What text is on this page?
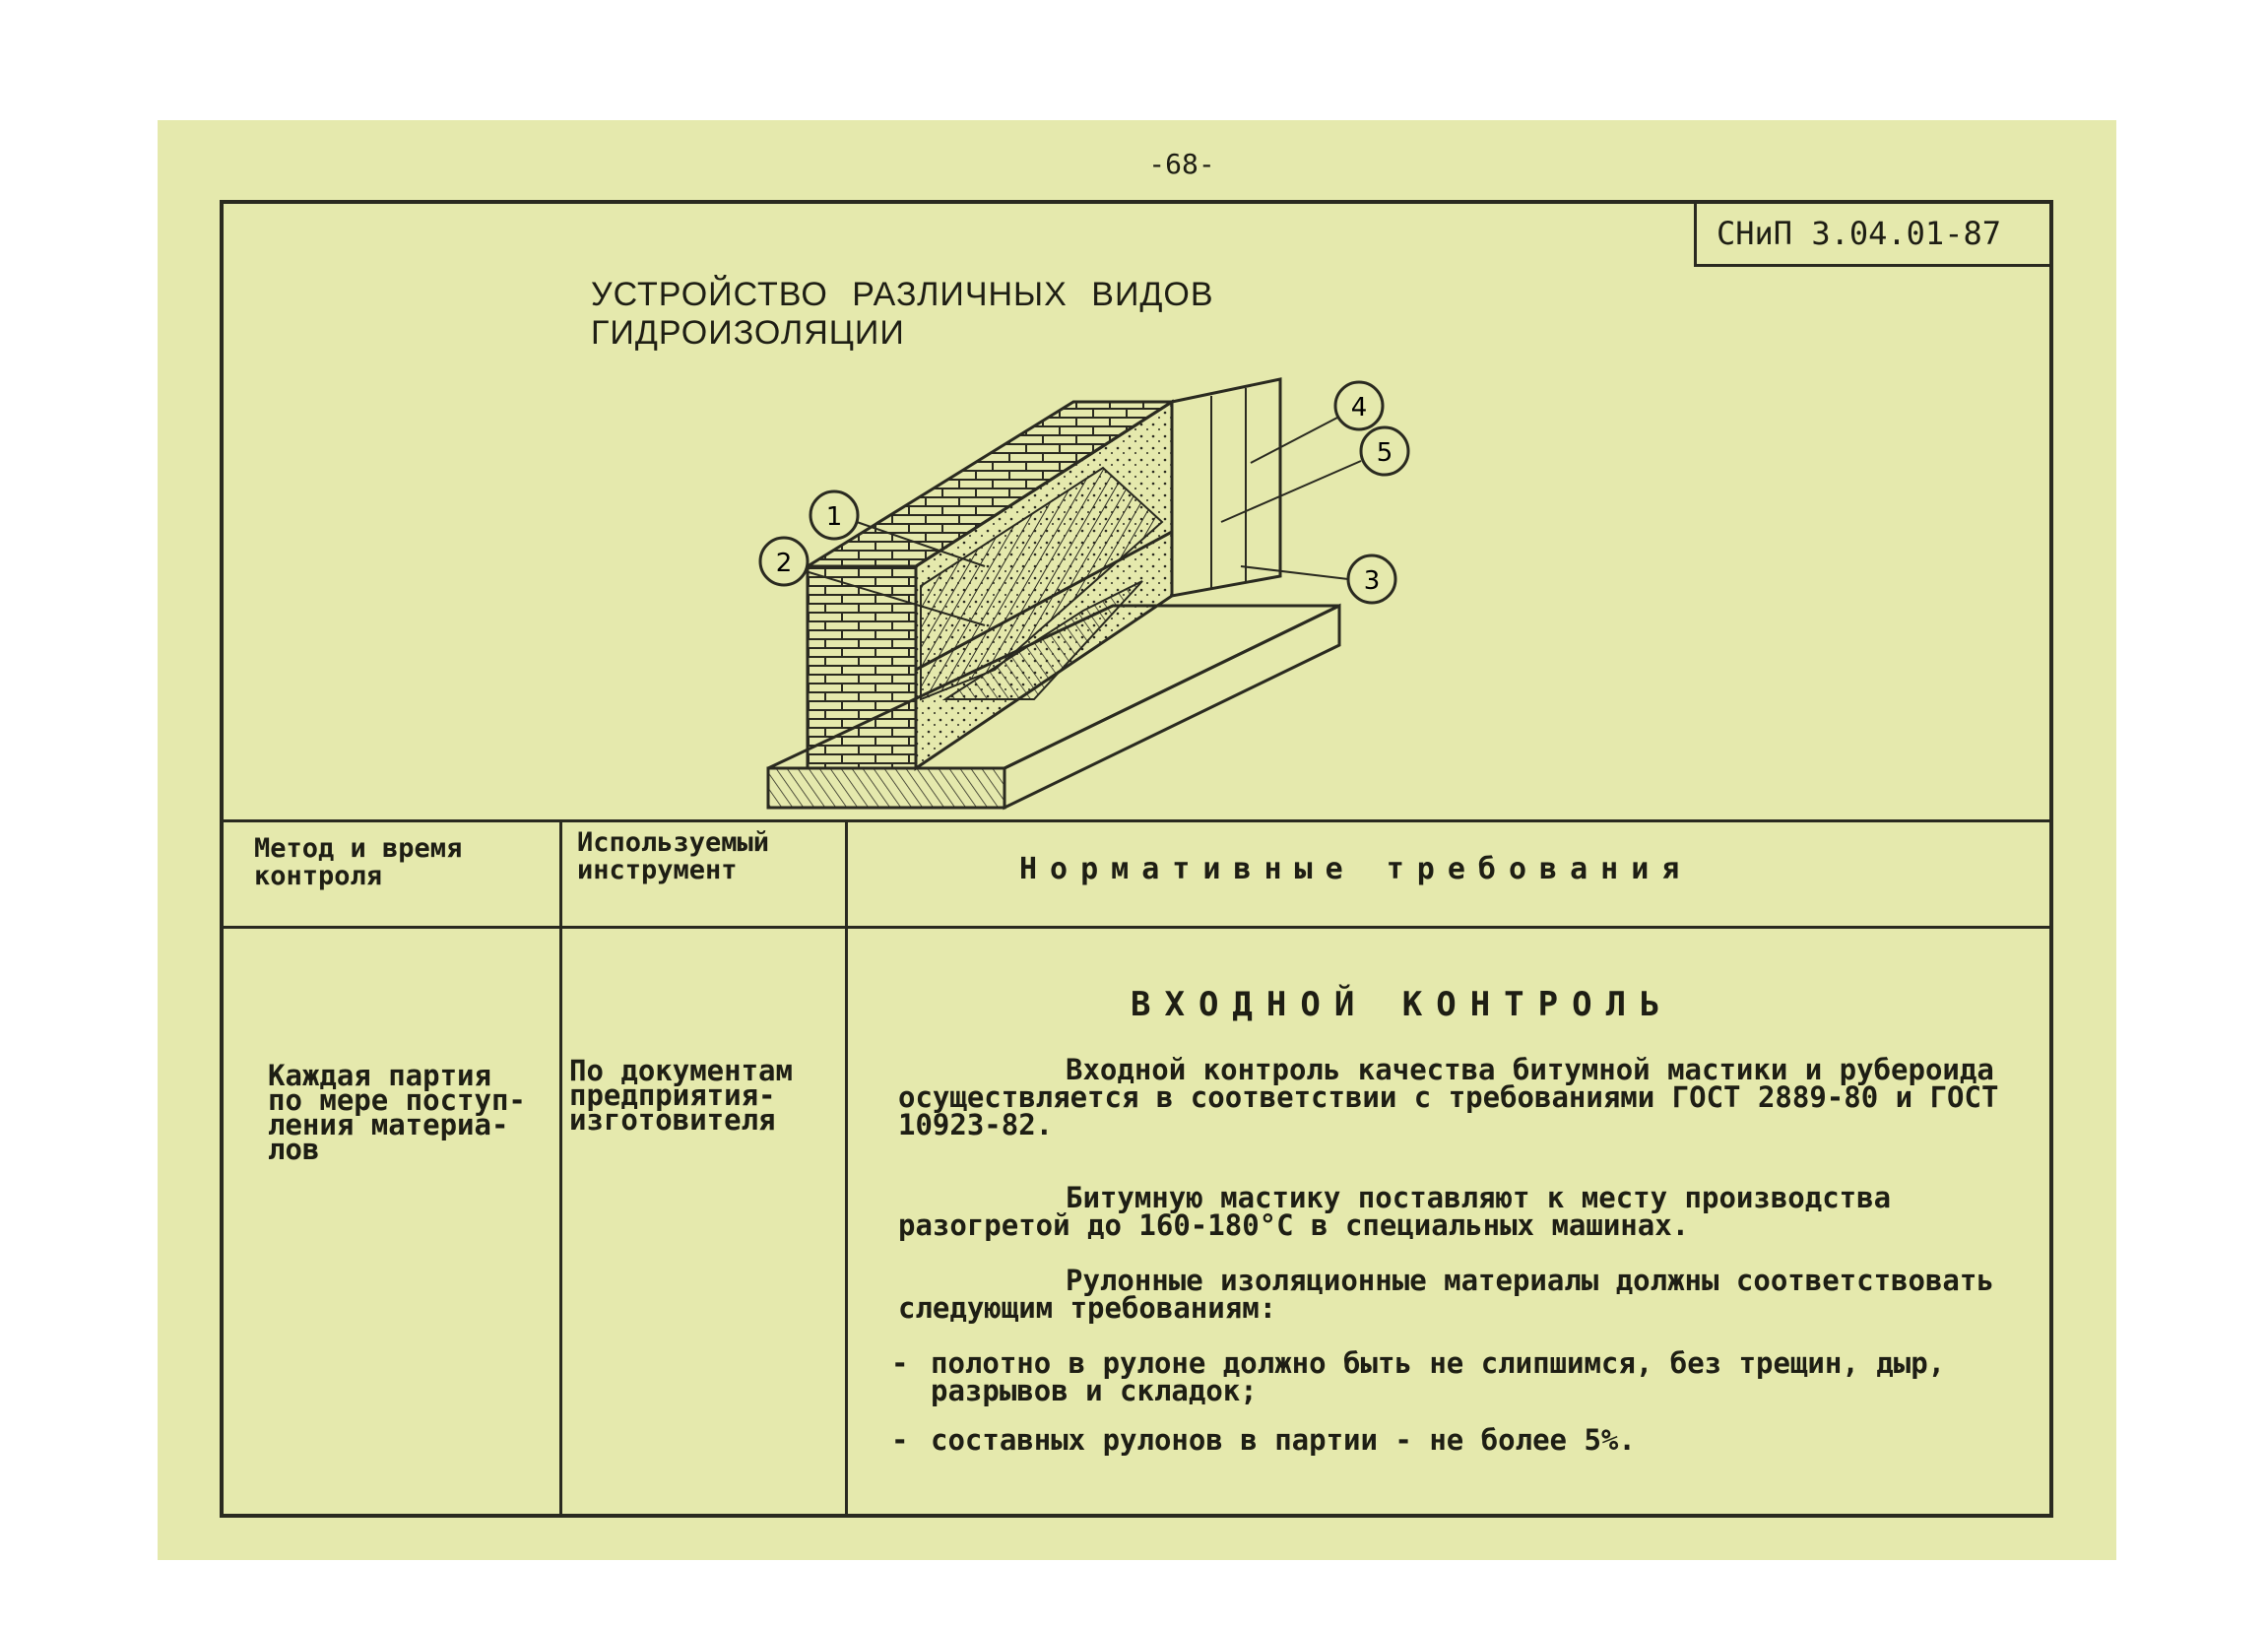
-68-
СНиП 3.04.01-87
УСТРОЙСТВО РАЗЛИЧНЫХ ВИДОВ ГИДРОИЗОЛЯЦИИ
1
2
4
5
3
Метод и время контроля
Используемый инструмент	Нормативные требования
ВХОДНОЙ КОНТРОЛЬ
Каждая партия
по мере поступ-
ления материа-
лов
По документам
предприятия-
изготовителя
Входной контроль качества битумной мастики и рубероида осуществляется в соответствии с требованиями ГОСТ 2889-80 и ГОСТ 10923-82.
Битумную мастику поставляют к месту производства разогретой до 160-180°С в специальных машинах.
Рулонные изоляционные материалы должны соответствовать следующим требованиям:
- полотно в рулоне должно быть не слипшимся, без трещин, дыр, разрывов и складок;
- составных рулонов в партии - не более 5%.
